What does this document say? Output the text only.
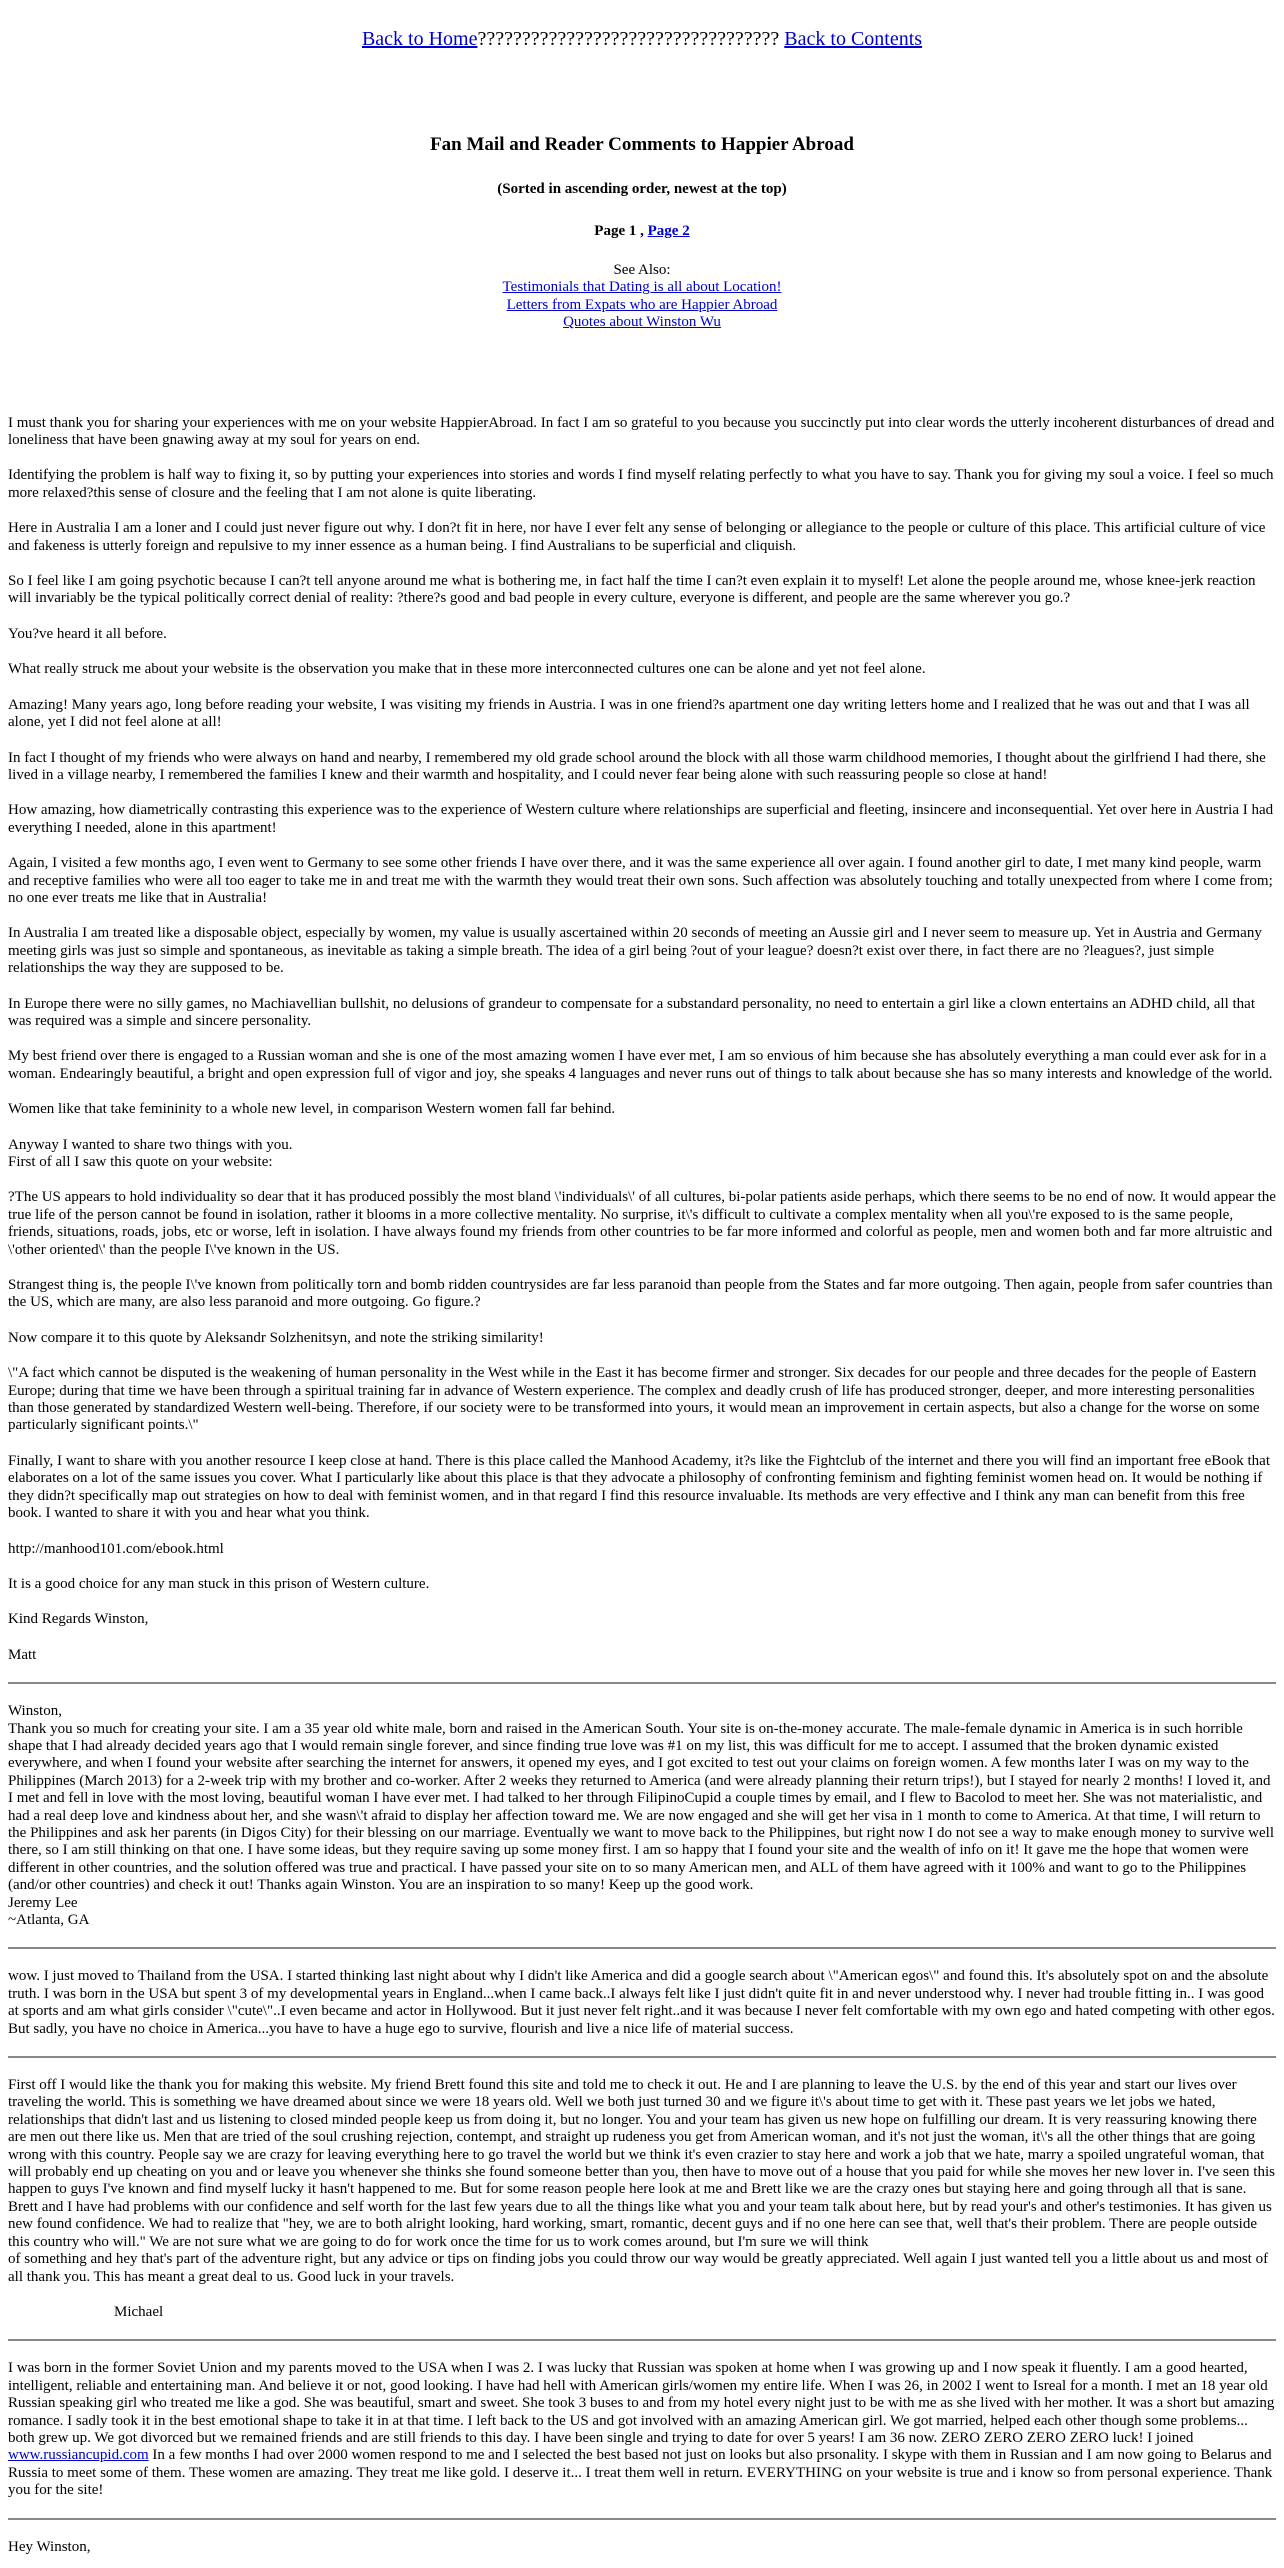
Back to Home?????????????????????????????????? Back to Contents
Fan Mail and Reader Comments to Happier Abroad
(Sorted in ascending order, newest at the top)
Page 1 , Page 2
See Also:
Testimonials that Dating is all about Location!
Letters from Expats who are Happier Abroad
Quotes about Winston Wu

I must thank you for sharing your experiences with me on your website HappierAbroad. In fact I am so grateful to you because you succinctly put into clear words the utterly incoherent disturbances of dread and loneliness that have been gnawing away at my soul for years on end.

Identifying the problem is half way to fixing it, so by putting your experiences into stories and words I find myself relating perfectly to what you have to say. Thank you for giving my soul a voice. I feel so much more relaxed?this sense of closure and the feeling that I am not alone is quite liberating.

Here in Australia I am a loner and I could just never figure out why. I don?t fit in here, nor have I ever felt any sense of belonging or allegiance to the people or culture of this place. This artificial culture of vice and fakeness is utterly foreign and repulsive to my inner essence as a human being. I find Australians to be superficial and cliquish.

So I feel like I am going psychotic because I can?t tell anyone around me what is bothering me, in fact half the time I can?t even explain it to myself! Let alone the people around me, whose knee-jerk reaction will invariably be the typical politically correct denial of reality: ?there?s good and bad people in every culture, everyone is different, and people are the same wherever you go.?

You?ve heard it all before.

What really struck me about your website is the observation you make that in these more interconnected cultures one can be alone and yet not feel alone.

Amazing! Many years ago, long before reading your website, I was visiting my friends in Austria. I was in one friend?s apartment one day writing letters home and I realized that he was out and that I was all alone, yet I did not feel alone at all!

In fact I thought of my friends who were always on hand and nearby, I remembered my old grade school around the block with all those warm childhood memories, I thought about the girlfriend I had there, she lived in a village nearby, I remembered the families I knew and their warmth and hospitality, and I could never fear being alone with such reassuring people so close at hand!

How amazing, how diametrically contrasting this experience was to the experience of Western culture where relationships are superficial and fleeting, insincere and inconsequential. Yet over here in Austria I had everything I needed, alone in this apartment!

Again, I visited a few months ago, I even went to Germany to see some other friends I have over there, and it was the same experience all over again. I found another girl to date, I met many kind people, warm and receptive families who were all too eager to take me in and treat me with the warmth they would treat their own sons. Such affection was absolutely touching and totally unexpected from where I come from; no one ever treats me like that in Australia!

In Australia I am treated like a disposable object, especially by women, my value is usually ascertained within 20 seconds of meeting an Aussie girl and I never seem to measure up. Yet in Austria and Germany meeting girls was just so simple and spontaneous, as inevitable as taking a simple breath. The idea of a girl being ?out of your league? doesn?t exist over there, in fact there are no ?leagues?, just simple relationships the way they are supposed to be.

In Europe there were no silly games, no Machiavellian bullshit, no delusions of grandeur to compensate for a substandard personality, no need to entertain a girl like a clown entertains an ADHD child, all that was required was a simple and sincere personality.

My best friend over there is engaged to a Russian woman and she is one of the most amazing women I have ever met, I am so envious of him because she has absolutely everything a man could ever ask for in a woman. Endearingly beautiful, a bright and open expression full of vigor and joy, she speaks 4 languages and never runs out of things to talk about because she has so many interests and knowledge of the world.

Women like that take femininity to a whole new level, in comparison Western women fall far behind.

Anyway I wanted to share two things with you.
First of all I saw this quote on your website:

?The US appears to hold individuality so dear that it has produced possibly the most bland \'individuals\' of all cultures, bi-polar patients aside perhaps, which there seems to be no end of now. It would appear the true life of the person cannot be found in isolation, rather it blooms in a more collective mentality. No surprise, it\'s difficult to cultivate a complex mentality when all you\'re exposed to is the same people, friends, situations, roads, jobs, etc or worse, left in isolation. I have always found my friends from other countries to be far more informed and colorful as people, men and women both and far more altruistic and \'other oriented\' than the people I\'ve known in the US.

Strangest thing is, the people I\'ve known from politically torn and bomb ridden countrysides are far less paranoid than people from the States and far more outgoing. Then again, people from safer countries than the US, which are many, are also less paranoid and more outgoing. Go figure.?

Now compare it to this quote by Aleksandr Solzhenitsyn, and note the striking similarity!

\"A fact which cannot be disputed is the weakening of human personality in the West while in the East it has become firmer and stronger. Six decades for our people and three decades for the people of Eastern Europe; during that time we have been through a spiritual training far in advance of Western experience. The complex and deadly crush of life has produced stronger, deeper, and more interesting personalities than those generated by standardized Western well-being. Therefore, if our society were to be transformed into yours, it would mean an improvement in certain aspects, but also a change for the worse on some particularly significant points.\"

Finally, I want to share with you another resource I keep close at hand. There is this place called the Manhood Academy, it?s like the Fightclub of the internet and there you will find an important free eBook that elaborates on a lot of the same issues you cover. What I particularly like about this place is that they advocate a philosophy of confronting feminism and fighting feminist women head on. It would be nothing if they didn?t specifically map out strategies on how to deal with feminist women, and in that regard I find this resource invaluable. Its methods are very effective and I think any man can benefit from this free book. I wanted to share it with you and hear what you think.

http://manhood101.com/ebook.html

It is a good choice for any man stuck in this prison of Western culture.

Kind Regards Winston,

Matt

Winston,
Thank you so much for creating your site. I am a 35 year old white male, born and raised in the American South. Your site is on-the-money accurate. The male-female dynamic in America is in such horrible shape that I had already decided years ago that I would remain single forever, and since finding true love was #1 on my list, this was difficult for me to accept. I assumed that the broken dynamic existed everywhere, and when I found your website after searching the internet for answers, it opened my eyes, and I got excited to test out your claims on foreign women. A few months later I was on my way to the Philippines (March 2013) for a 2-week trip with my brother and co-worker. After 2 weeks they returned to America (and were already planning their return trips!), but I stayed for nearly 2 months! I loved it, and I met and fell in love with the most loving, beautiful woman I have ever met. I had talked to her through FilipinoCupid a couple times by email, and I flew to Bacolod to meet her. She was not materialistic, and had a real deep love and kindness about her, and she wasn\'t afraid to display her affection toward me. We are now engaged and she will get her visa in 1 month to come to America. At that time, I will return to the Philippines and ask her parents (in Digos City) for their blessing on our marriage. Eventually we want to move back to the Philippines, but right now I do not see a way to make enough money to survive well there, so I am still thinking on that one. I have some ideas, but they require saving up some money first. I am so happy that I found your site and the wealth of info on it! It gave me the hope that women were different in other countries, and the solution offered was true and practical. I have passed your site on to so many American men, and ALL of them have agreed with it 100% and want to go to the Philippines (and/or other countries) and check it out! Thanks again Winston. You are an inspiration to so many! Keep up the good work.
Jeremy Lee
~Atlanta, GA

wow. I just moved to Thailand from the USA. I started thinking last night about why I didn't like America and did a google search about \"American egos\" and found this. It's absolutely spot on and the absolute truth. I was born in the USA but spent 3 of my developmental years in England...when I came back..I always felt like I just didn't quite fit in and never understood why. I never had trouble fitting in.. I was good at sports and am what girls consider \"cute\"..I even became and actor in Hollywood. But it just never felt right..and it was because I never felt comfortable with my own ego and hated competing with other egos. But sadly, you have no choice in America...you have to have a huge ego to survive, flourish and live a nice life of material success.

First off I would like the thank you for making this website. My friend Brett found this site and told me to check it out. He and I are planning to leave the U.S. by the end of this year and start our lives over traveling the world. This is something we have dreamed about since we were 18 years old. Well we both just turned 30 and we figure it\'s about time to get with it. These past years we let jobs we hated, relationships that didn't last and us listening to closed minded people keep us from doing it, but no longer. You and your team has given us new hope on fulfilling our dream. It is very reassuring knowing there are men out there like us. Men that are tried of the soul crushing rejection, contempt, and straight up rudeness you get from American woman, and it's not just the woman, it\'s all the other things that are going wrong with this country. People say we are crazy for leaving everything here to go travel the world but we think it's even crazier to stay here and work a job that we hate, marry a spoiled ungrateful woman, that will probably end up cheating on you and or leave you whenever she thinks she found someone better than you, then have to move out of a house that you paid for while she moves her new lover in. I've seen this happen to guys I've known and find myself lucky it hasn't happened to me. But for some reason people here look at me and Brett like we are the crazy ones but staying here and going through all that is sane. Brett and I have had problems with our confidence and self worth for the last few years due to all the things like what you and your team talk about here, but by read your's and other's testimonies. It has given us new found confidence. We had to realize that "hey, we are to both alright looking, hard working, smart, romantic, decent guys and if no one here can see that, well that's their problem. There are people outside this country who will." We are not sure what we are going to do for work once the time for us to work comes around, but I'm sure we will think

of something and hey that's part of the adventure right, but any advice or tips on finding jobs you could throw our way would be greatly appreciated. Well again I just wanted tell you a little about us and most of all thank you. This has meant a great deal to us. Good luck in your travels.

Michael

I was born in the former Soviet Union and my parents moved to the USA when I was 2. I was lucky that Russian was spoken at home when I was growing up and I now speak it fluently. I am a good hearted, intelligent, reliable and entertaining man. And believe it or not, good looking. I have had hell with American girls/women my entire life. When I was 26, in 2002 I went to Isreal for a month. I met an 18 year old Russian speaking girl who treated me like a god. She was beautiful, smart and sweet. She took 3 buses to and from my hotel every night just to be with me as she lived with her mother. It was a short but amazing romance. I sadly took it in the best emotional shape to take it in at that time. I left back to the US and got involved with an amazing American girl. We got married, helped each other though some problems... both grew up. We got divorced but we remained friends and are still friends to this day. I have been single and trying to date for over 5 years! I am 36 now. ZERO ZERO ZERO ZERO luck! I joined www.russiancupid.com In a few months I had over 2000 women respond to me and I selected the best based not just on looks but also prsonality. I skype with them in Russian and I am now going to Belarus and Russia to meet some of them. These women are amazing. They treat me like gold. I deserve it... I treat them well in return. EVERYTHING on your website is true and i know so from personal experience. Thank you for the site!

Hey Winston,
